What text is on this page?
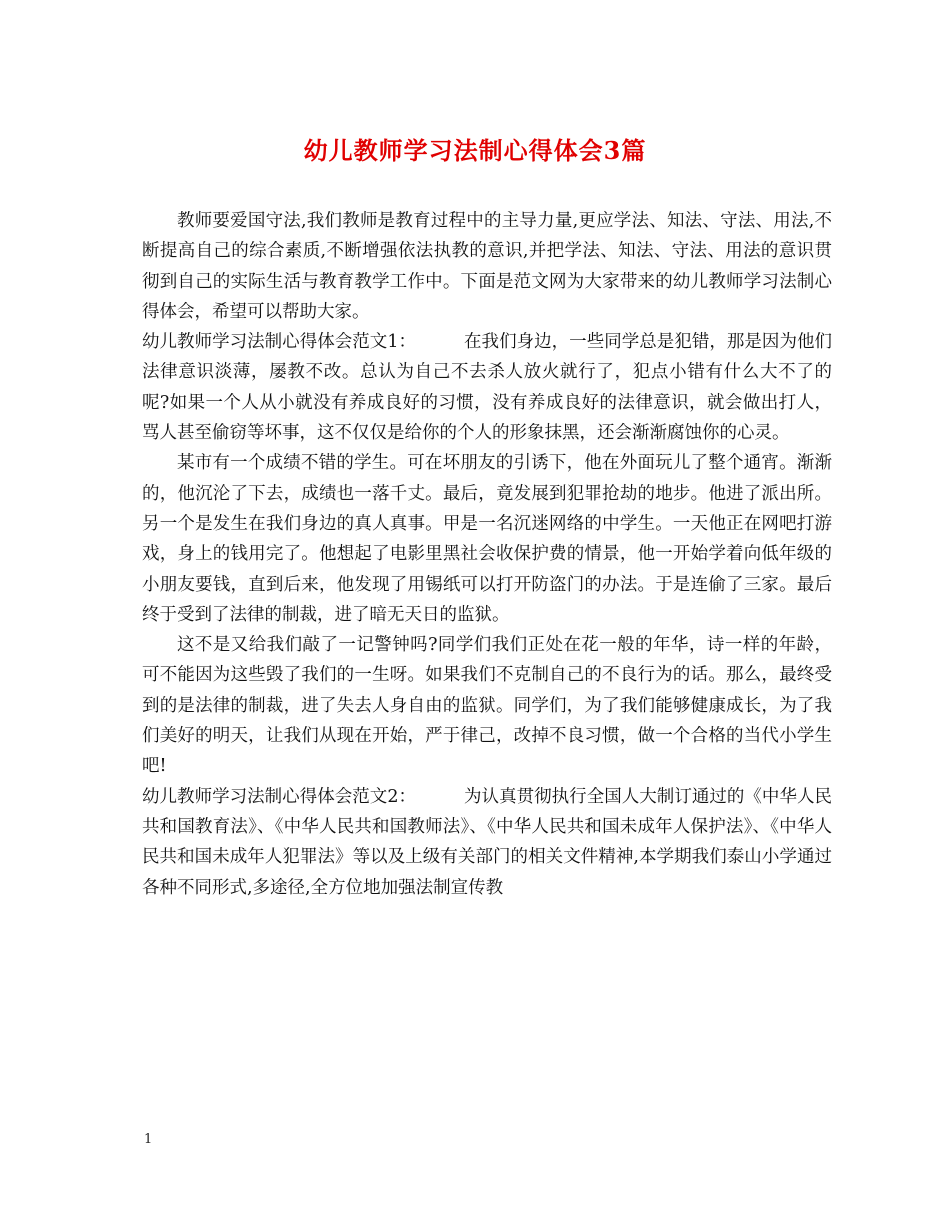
幼儿教师学习法制心得体会3篇

教师要爱国守法,我们教师是教育过程中的主导力量,更应学法、知法、守法、用法,不断提高自己的综合素质,不断增强依法执教的意识,并把学法、知法、守法、用法的意识贯彻到自己的实际生活与教育教学工作中。下面是范文网为大家带来的幼儿教师学习法制心得体会，希望可以帮助大家。

幼儿教师学习法制心得体会范文1：	在我们身边，一些同学总是犯错，那是因为他们法律意识淡薄，屡教不改。总认为自己不去杀人放火就行了，犯点小错有什么大不了的呢?如果一个人从小就没有养成良好的习惯，没有养成良好的法律意识，就会做出打人，骂人甚至偷窃等坏事，这不仅仅是给你的个人的形象抹黑，还会渐渐腐蚀你的心灵。

某市有一个成绩不错的学生。可在坏朋友的引诱下，他在外面玩儿了整个通宵。渐渐的，他沉沦了下去，成绩也一落千丈。最后，竟发展到犯罪抢劫的地步。他进了派出所。另一个是发生在我们身边的真人真事。甲是一名沉迷网络的中学生。一天他正在网吧打游戏，身上的钱用完了。他想起了电影里黑社会收保护费的情景，他一开始学着向低年级的小朋友要钱，直到后来，他发现了用锡纸可以打开防盗门的办法。于是连偷了三家。最后终于受到了法律的制裁，进了暗无天日的监狱。

这不是又给我们敲了一记警钟吗?同学们我们正处在花一般的年华，诗一样的年龄，可不能因为这些毁了我们的一生呀。如果我们不克制自己的不良行为的话。那么，最终受到的是法律的制裁，进了失去人身自由的监狱。同学们，为了我们能够健康成长，为了我们美好的明天，让我们从现在开始，严于律己，改掉不良习惯，做一个合格的当代小学生吧!

幼儿教师学习法制心得体会范文2：	为认真贯彻执行全国人大制订通过的《中华人民共和国教育法》、《中华人民共和国教师法》、《中华人民共和国未成年人保护法》、《中华人民共和国未成年人犯罪法》等以及上级有关部门的相关文件精神,本学期我们泰山小学通过各种不同形式,多途径,全方位地加强法制宣传教

1
